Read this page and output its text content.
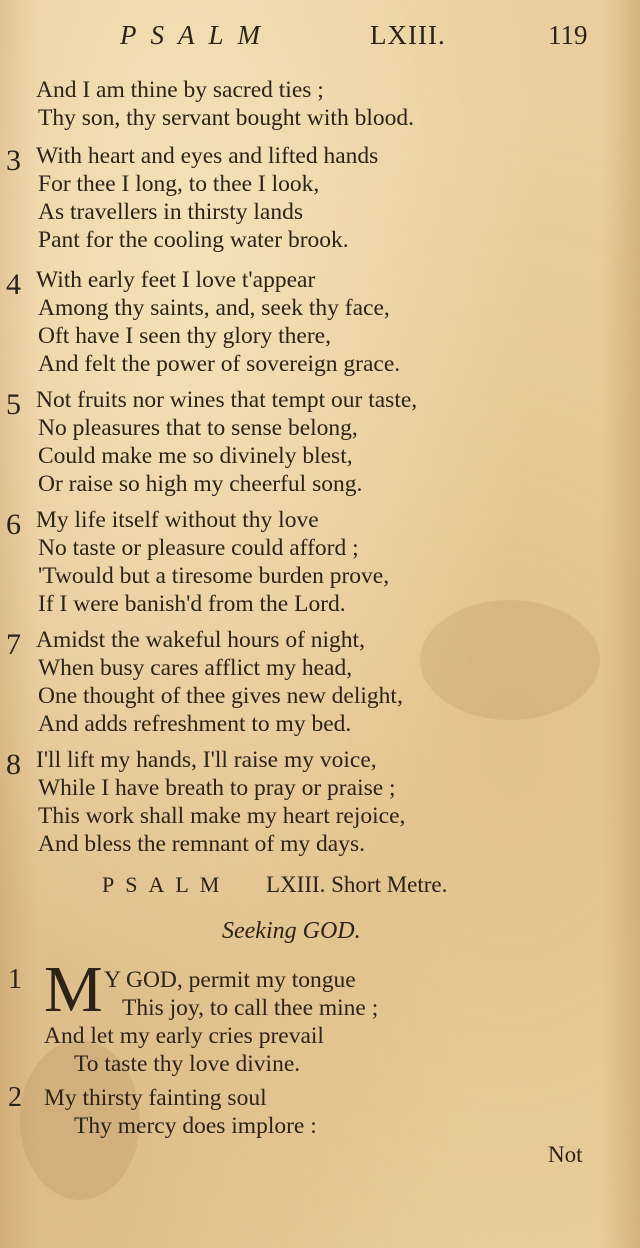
PSALM	LXIII.	119
And I am thine by sacred ties ;
Thy son, thy servant bought with blood.
3 With heart and eyes and lifted hands
For thee I long, to thee I look,
As travellers in thirsty lands
Pant for the cooling water brook.
4 With early feet I love t'appear
Among thy saints, and, seek thy face,
Oft have I seen thy glory there,
And felt the power of sovereign grace.
5 Not fruits nor wines that tempt our taste,
No pleasures that to sense belong,
Could make me so divinely blest,
Or raise so high my cheerful song.
6 My life itself without thy love
No taste or pleasure could afford ;
'Twould but a tiresome burden prove,
If I were banish'd from the Lord.
7 Amidst the wakeful hours of night,
When busy cares afflict my head,
One thought of thee gives new delight,
And adds refreshment to my bed.
8 I'll lift my hands, I'll raise my voice,
While I have breath to pray or praise ;
This work shall make my heart rejoice,
And bless the remnant of my days.
PSALM LXIII. Short Metre.
Seeking GOD.
1 M Y GOD, permit my tongue
This joy, to call thee mine ;
And let my early cries prevail
To taste thy love divine.
2 My thirsty fainting soul
Thy mercy does implore :
Not
